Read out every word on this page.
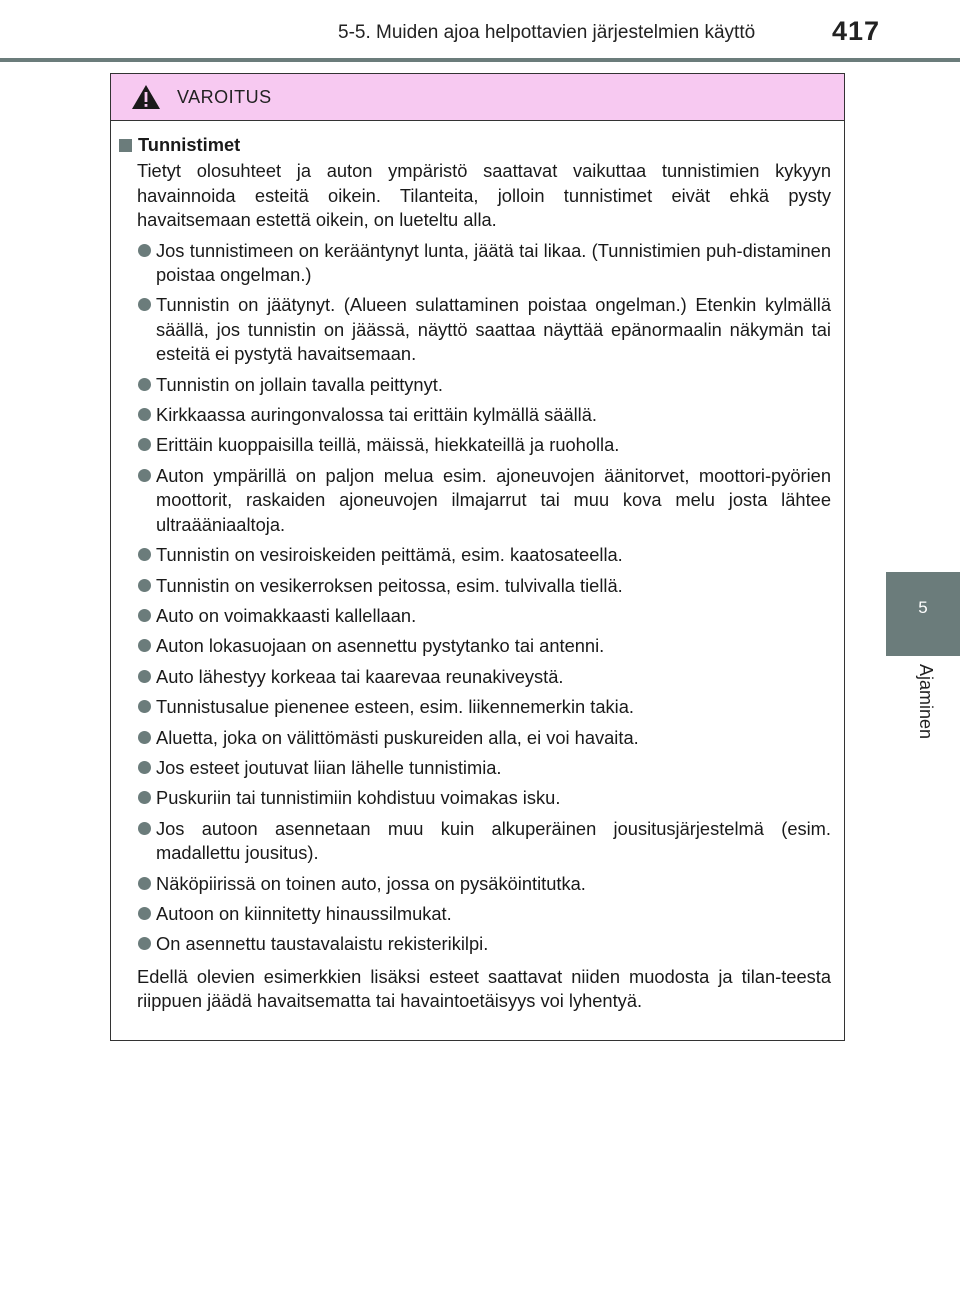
5-5. Muiden ajoa helpottavien järjestelmien käyttö	417
5
Ajaminen
VAROITUS
Tunnistimet
Tietyt olosuhteet ja auton ympäristö saattavat vaikuttaa tunnistimien kykyyn havainnoida esteitä oikein. Tilanteita, jolloin tunnistimet eivät ehkä pysty havaitsemaan estettä oikein, on lueteltu alla.
Jos tunnistimeen on kerääntynyt lunta, jäätä tai likaa. (Tunnistimien puh-distaminen poistaa ongelman.)
Tunnistin on jäätynyt. (Alueen sulattaminen poistaa ongelman.) Etenkin kylmällä säällä, jos tunnistin on jäässä, näyttö saattaa näyttää epänormaalin näkymän tai esteitä ei pystytä havaitsemaan.
Tunnistin on jollain tavalla peittynyt.
Kirkkaassa auringonvalossa tai erittäin kylmällä säällä.
Erittäin kuoppaisilla teillä, mäissä, hiekkateillä ja ruoholla.
Auton ympärillä on paljon melua esim. ajoneuvojen äänitorvet, moottori-pyörien moottorit, raskaiden ajoneuvojen ilmajarrut tai muu kova melu josta lähtee ultraääniaaltoja.
Tunnistin on vesiroiskeiden peittämä, esim. kaatosateella.
Tunnistin on vesikerroksen peitossa, esim. tulvivalla tiellä.
Auto on voimakkaasti kallellaan.
Auton lokasuojaan on asennettu pystytanko tai antenni.
Auto lähestyy korkeaa tai kaarevaa reunakiveystä.
Tunnistusalue pienenee esteen, esim. liikennemerkin takia.
Aluetta, joka on välittömästi puskureiden alla, ei voi havaita.
Jos esteet joutuvat liian lähelle tunnistimia.
Puskuriin tai tunnistimiin kohdistuu voimakas isku.
Jos autoon asennetaan muu kuin alkuperäinen jousitusjärjestelmä (esim. madallettu jousitus).
Näköpiirissä on toinen auto, jossa on pysäköintitutka.
Autoon on kiinnitetty hinaussilmukat.
On asennettu taustavalaistu rekisterikilpi.
Edellä olevien esimerkkien lisäksi esteet saattavat niiden muodosta ja tilan-teesta riippuen jäädä havaitsematta tai havaintoetäisyys voi lyhentyä.
